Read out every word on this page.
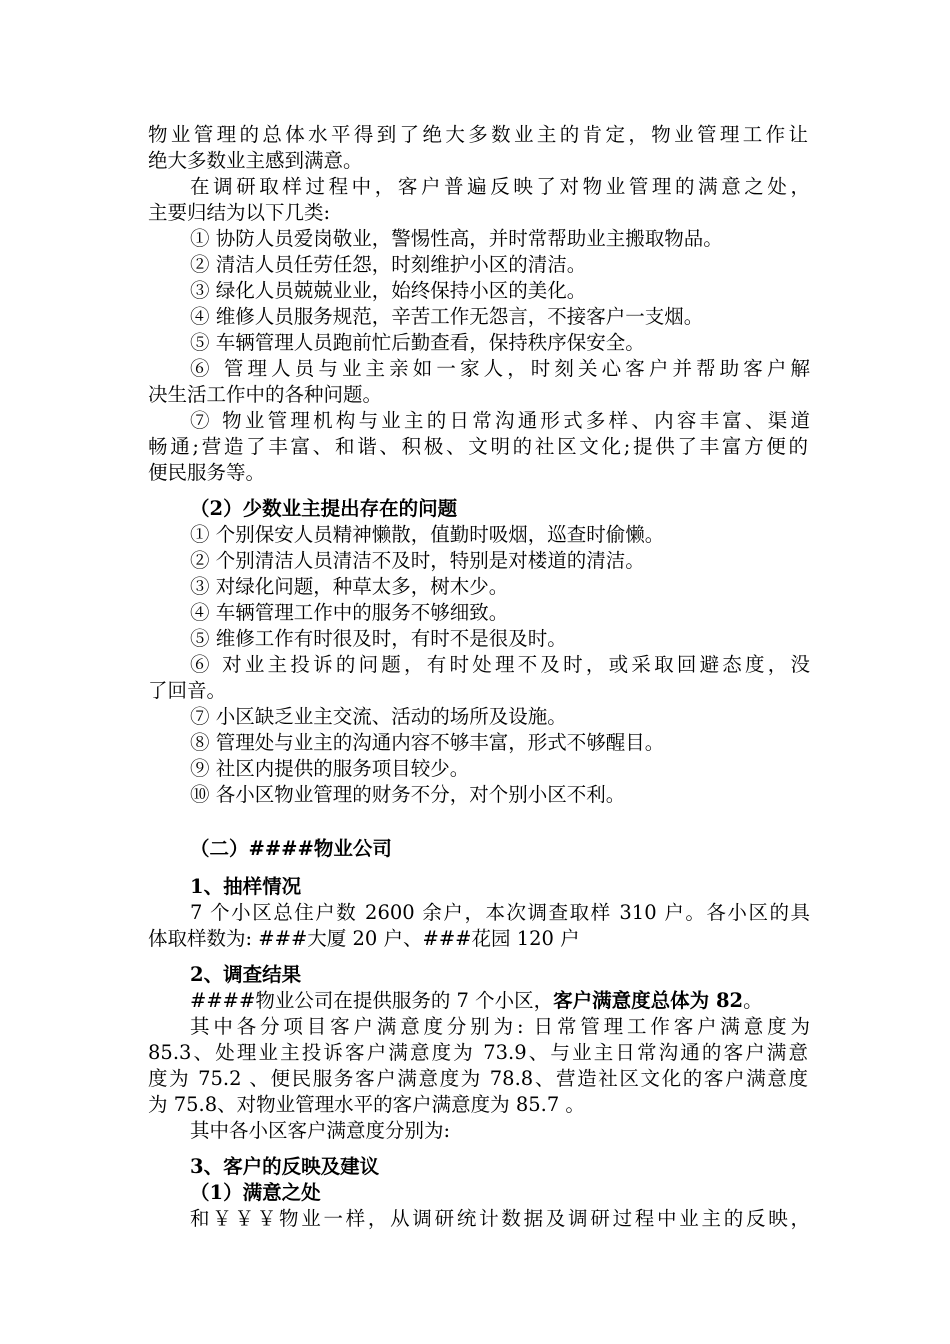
物业管理的总体水平得到了绝大多数业主的肯定，物业管理工作让

绝大多数业主感到满意。

在调研取样过程中，客户普遍反映了对物业管理的满意之处，

主要归结为以下几类:

① 协防人员爱岗敬业，警惕性高，并时常帮助业主搬取物品。

② 清洁人员任劳任怨，时刻维护小区的清洁。

③ 绿化人员兢兢业业，始终保持小区的美化。

④ 维修人员服务规范，辛苦工作无怨言，不接客户一支烟。

⑤ 车辆管理人员跑前忙后勤查看，保持秩序保安全。

⑥ 管理人员与业主亲如一家人，时刻关心客户并帮助客户解

决生活工作中的各种问题。

⑦ 物业管理机构与业主的日常沟通形式多样、内容丰富、渠道

畅通;营造了丰富、和谐、积极、文明的社区文化;提供了丰富方便的

便民服务等。

（2）少数业主提出存在的问题

① 个别保安人员精神懒散，值勤时吸烟，巡查时偷懒。

② 个别清洁人员清洁不及时，特别是对楼道的清洁。

③ 对绿化问题，种草太多，树木少。

④ 车辆管理工作中的服务不够细致。

⑤ 维修工作有时很及时，有时不是很及时。

⑥ 对业主投诉的问题，有时处理不及时，或采取回避态度，没

了回音。

⑦ 小区缺乏业主交流、活动的场所及设施。

⑧ 管理处与业主的沟通内容不够丰富，形式不够醒目。

⑨ 社区内提供的服务项目较少。

⑩ 各小区物业管理的财务不分，对个别小区不利。

（二）####物业公司

1、抽样情况

7 个小区总住户数 2600 余户，本次调查取样 310 户。各小区的具

体取样数为: ###大厦 20 户、###花园 120 户

2、调查结果

####物业公司在提供服务的 7 个小区，客户满意度总体为 82。

其中各分项目客户满意度分别为: 日常管理工作客户满意度为

85.3、处理业主投诉客户满意度为 73.9、与业主日常沟通的客户满意

度为 75.2 、便民服务客户满意度为 78.8、营造社区文化的客户满意度

为 75.8、对物业管理水平的客户满意度为 85.7 。

其中各小区客户满意度分别为:

3、客户的反映及建议

（1）满意之处

和￥￥￥物业一样，从调研统计数据及调研过程中业主的反映，
